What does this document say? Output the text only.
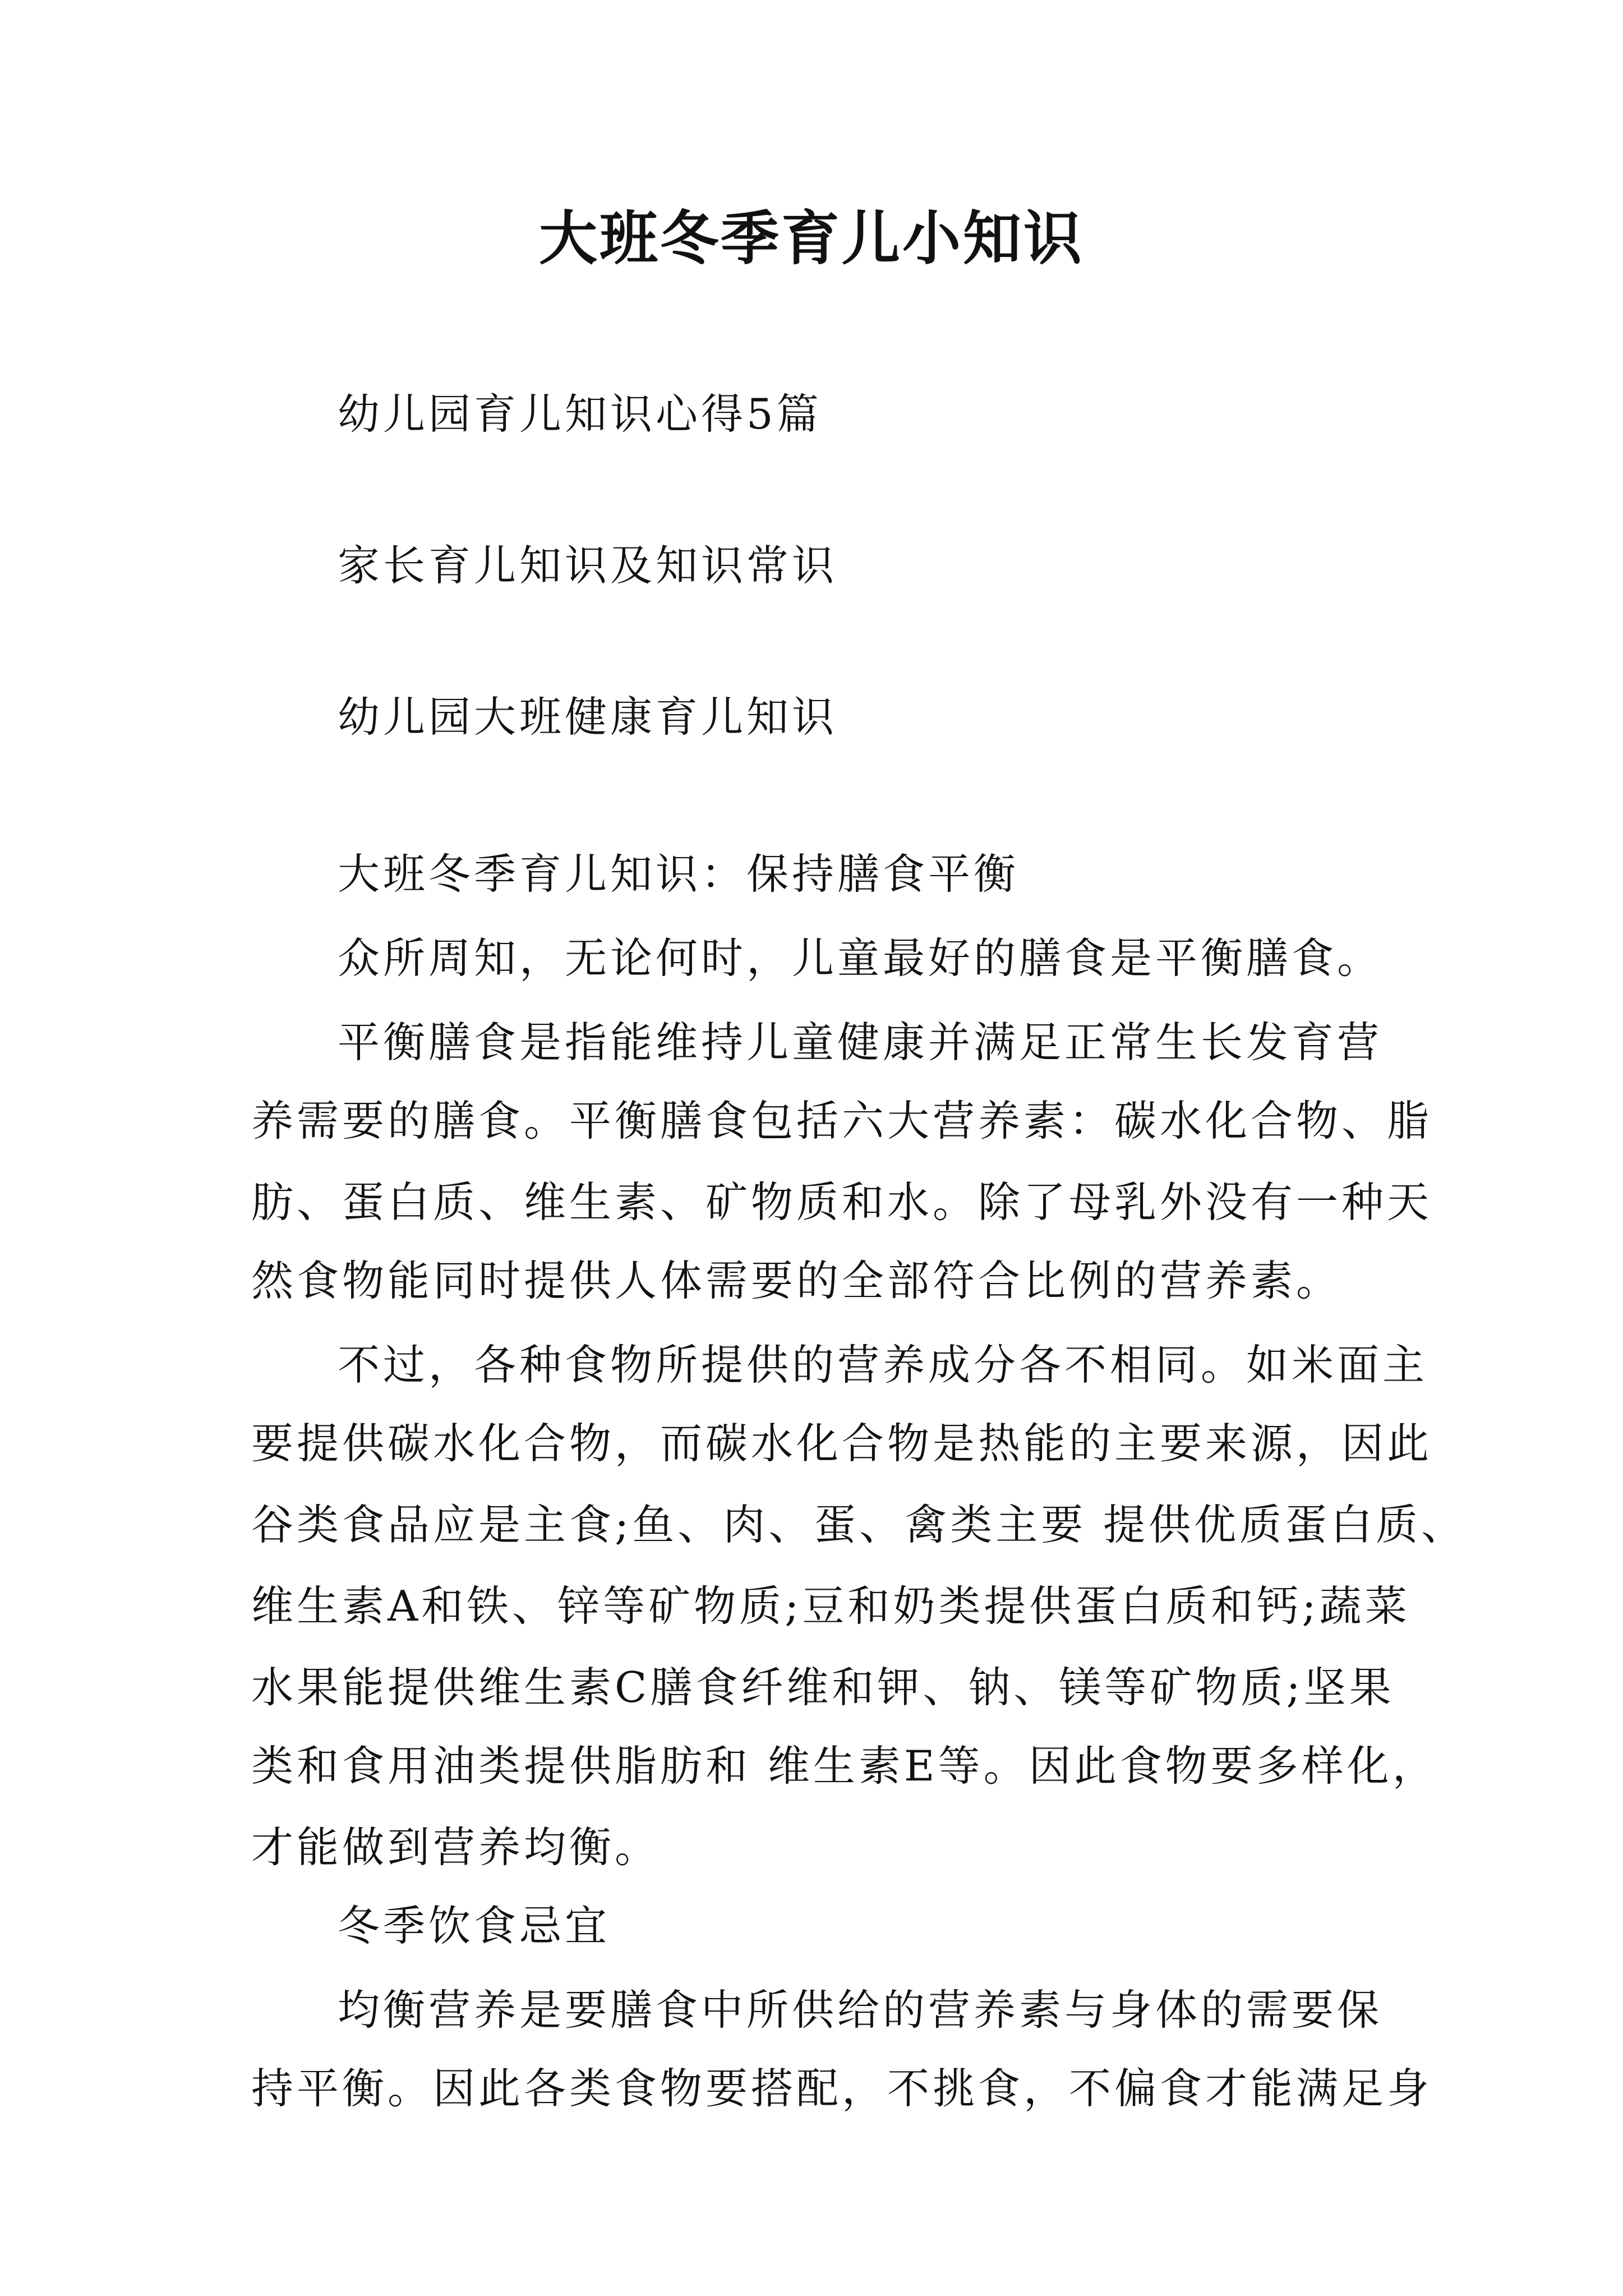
大班冬季育儿小知识
幼儿园育儿知识心得5篇
家长育儿知识及知识常识
幼儿园大班健康育儿知识
大班冬季育儿知识：保持膳食平衡
众所周知，无论何时，儿童最好的膳食是平衡膳食。
平衡膳食是指能维持儿童健康并满足正常生长发育营
养需要的膳食。平衡膳食包括六大营养素：碳水化合物、脂
肪、蛋白质、维生素、矿物质和水。除了母乳外没有一种天
然食物能同时提供人体需要的全部符合比例的营养素。
不过，各种食物所提供的营养成分各不相同。如米面主
要提供碳水化合物，而碳水化合物是热能的主要来源，因此
谷类食品应是主食;鱼、肉、蛋、禽类主要 提供优质蛋白质、
维生素A和铁、锌等矿物质;豆和奶类提供蛋白质和钙;蔬菜
水果能提供维生素C膳食纤维和钾、钠、镁等矿物质;坚果
类和食用油类提供脂肪和 维生素E等。因此食物要多样化，
才能做到营养均衡。
冬季饮食忌宜
均衡营养是要膳食中所供给的营养素与身体的需要保
持平衡。因此各类食物要搭配，不挑食，不偏食才能满足身
